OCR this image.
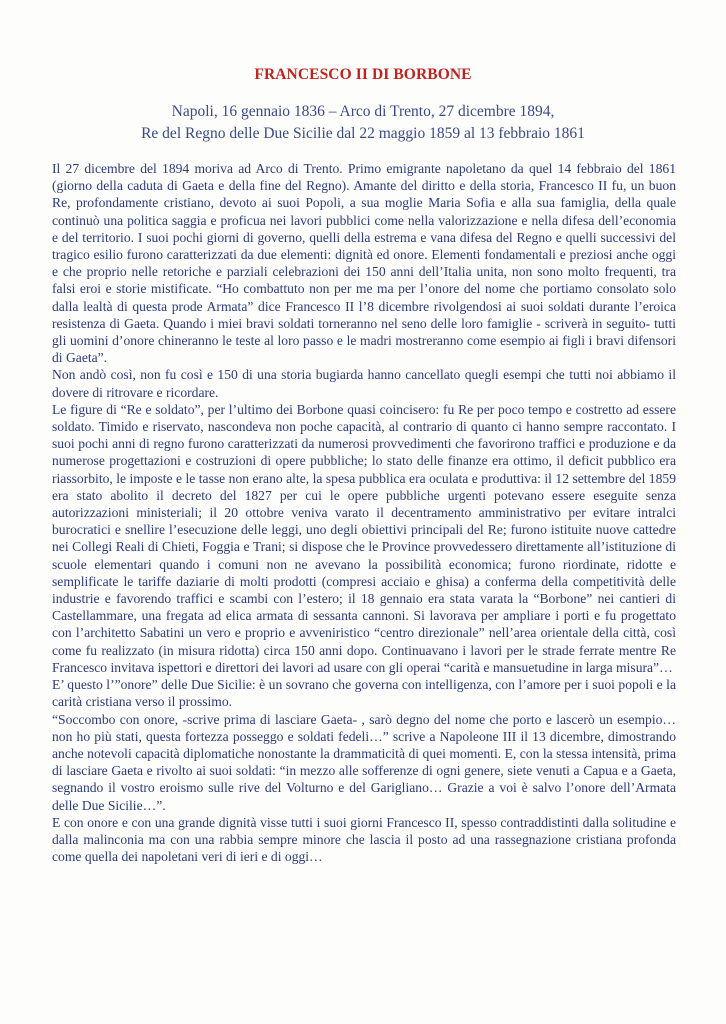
FRANCESCO II DI BORBONE
Napoli, 16 gennaio 1836 – Arco di Trento, 27 dicembre 1894,
Re del Regno delle Due Sicilie dal 22 maggio 1859 al 13 febbraio 1861

Il 27 dicembre del 1894 moriva ad Arco di Trento. Primo emigrante napoletano da quel 14 febbraio del 1861 (giorno della caduta di Gaeta e della fine del Regno). Amante del diritto e della storia, Francesco II fu, un buon Re, profondamente cristiano, devoto ai suoi Popoli, a sua moglie Maria Sofia e alla sua famiglia, della quale continuò una politica saggia e proficua nei lavori pubblici come nella valorizzazione e nella difesa dell’economia e del territorio. I suoi pochi giorni di governo, quelli della estrema e vana difesa del Regno e quelli successivi del tragico esilio furono caratterizzati da due elementi: dignità ed onore. Elementi fondamentali e preziosi anche oggi e che proprio nelle retoriche e parziali celebrazioni dei 150 anni dell’Italia unita, non sono molto frequenti, tra falsi eroi e storie mistificate. “Ho combattuto non per me ma per l’onore del nome che portiamo consolato solo dalla lealtà di questa prode Armata” dice Francesco II l’8 dicembre rivolgendosi ai suoi soldati durante l’eroica resistenza di Gaeta. Quando i miei bravi soldati torneranno nel seno delle loro famiglie - scriverà in seguito- tutti gli uomini d’onore chineranno le teste al loro passo e le madri mostreranno come esempio ai figli i bravi difensori di Gaeta”.

Non andò così, non fu così e 150 di una storia bugiarda hanno cancellato quegli esempi che tutti noi abbiamo il dovere di ritrovare e ricordare.

Le figure di “Re e soldato”, per l’ultimo dei Borbone quasi coincisero: fu Re per poco tempo e costretto ad essere soldato. Timido e riservato, nascondeva non poche capacità, al contrario di quanto ci hanno sempre raccontato. I suoi pochi anni di regno furono caratterizzati da numerosi provvedimenti che favorirono traffici e produzione e da numerose progettazioni e costruzioni di opere pubbliche; lo stato delle finanze era ottimo, il deficit pubblico era riassorbito, le imposte e le tasse non erano alte, la spesa pubblica era oculata e produttiva: il 12 settembre del 1859 era stato abolito il decreto del 1827 per cui le opere pubbliche urgenti potevano essere eseguite senza autorizzazioni ministeriali; il 20 ottobre veniva varato il decentramento amministrativo per evitare intralci burocratici e snellire l’esecuzione delle leggi, uno degli obiettivi principali del Re; furono istituite nuove cattedre nei Collegi Reali di Chieti, Foggia e Trani; si dispose che le Province provvedessero direttamente all’istituzione di scuole elementari quando i comuni non ne avevano la possibilità economica; furono riordinate, ridotte e semplificate le tariffe daziarie di molti prodotti (compresi acciaio e ghisa) a conferma della competitività delle industrie e favorendo traffici e scambi con l’estero; il 18 gennaio era stata varata la “Borbone” nei cantieri di Castellammare, una fregata ad elica armata di sessanta cannoni. Si lavorava per ampliare i porti e fu progettato con l’architetto Sabatini un vero e proprio e avveniristico “centro direzionale” nell’area orientale della città, così come fu realizzato (in misura ridotta) circa 150 anni dopo. Continuavano i lavori per le strade ferrate mentre Re Francesco invitava ispettori e direttori dei lavori ad usare con gli operai “carità e mansuetudine in larga misura”…

E’ questo l’”onore” delle Due Sicilie: è un sovrano che governa con intelligenza, con l’amore per i suoi popoli e la carità cristiana verso il prossimo.

“Soccombo con onore, -scrive prima di lasciare Gaeta- , sarò degno del nome che porto e lascerò un esempio… non ho più stati, questa fortezza posseggo e soldati fedeli…” scrive a Napoleone III il 13 dicembre, dimostrando anche notevoli capacità diplomatiche nonostante la drammaticità di quei momenti. E, con la stessa intensità, prima di lasciare Gaeta e rivolto ai suoi soldati: “in mezzo alle sofferenze di ogni genere, siete venuti a Capua e a Gaeta, segnando il vostro eroismo sulle rive del Volturno e del Garigliano… Grazie a voi è salvo l’onore dell’Armata delle Due Sicilie…”.

E con onore e con una grande dignità visse tutti i suoi giorni Francesco II, spesso contraddistinti dalla solitudine e dalla malinconia ma con una rabbia sempre minore che lascia il posto ad una rassegnazione cristiana profonda come quella dei napoletani veri di ieri e di oggi…
